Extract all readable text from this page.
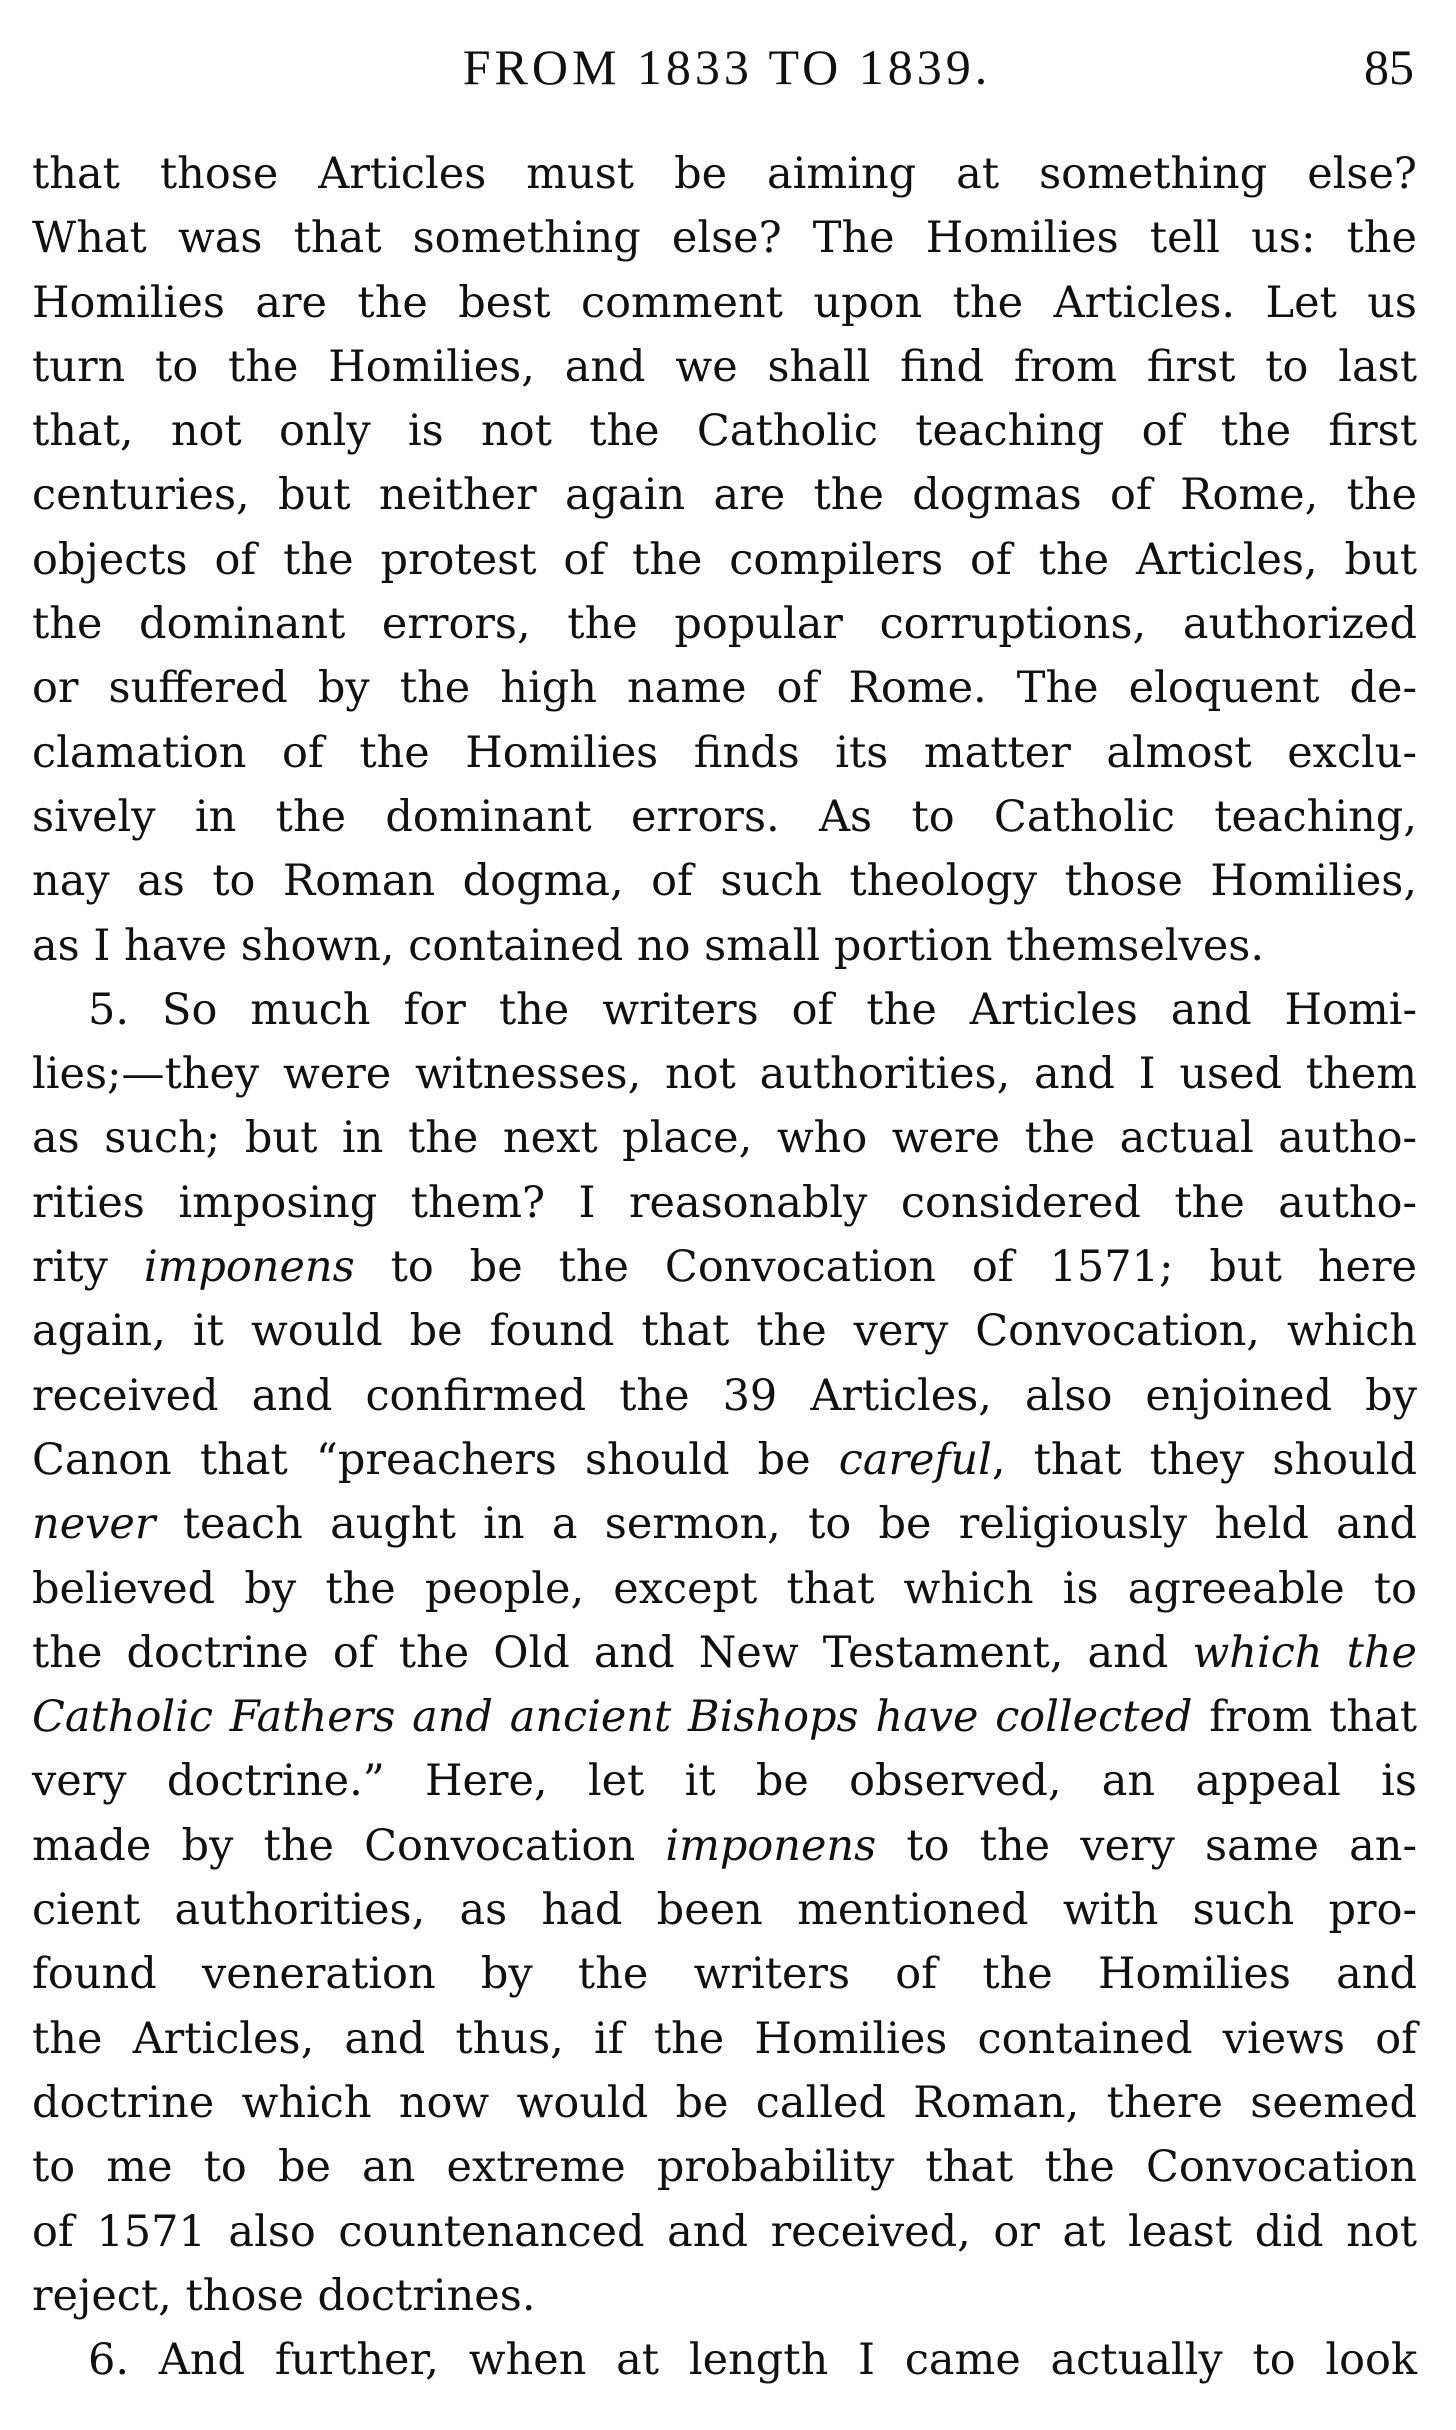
FROM 1833 TO 1839.	85
that those Articles must be aiming at something else?
What was that something else? The Homilies tell us: the
Homilies are the best comment upon the Articles. Let us
turn to the Homilies, and we shall find from first to last
that, not only is not the Catholic teaching of the first
centuries, but neither again are the dogmas of Rome, the
objects of the protest of the compilers of the Articles, but
the dominant errors, the popular corruptions, authorized
or suffered by the high name of Rome. The eloquent de-
clamation of the Homilies finds its matter almost exclu-
sively in the dominant errors. As to Catholic teaching,
nay as to Roman dogma, of such theology those Homilies,
as I have shown, contained no small portion themselves.
5. So much for the writers of the Articles and Homi-
lies;—they were witnesses, not authorities, and I used them
as such; but in the next place, who were the actual autho-
rities imposing them? I reasonably considered the autho-
rity imponens to be the Convocation of 1571; but here
again, it would be found that the very Convocation, which
received and confirmed the 39 Articles, also enjoined by
Canon that “preachers should be careful, that they should
never teach aught in a sermon, to be religiously held and
believed by the people, except that which is agreeable to
the doctrine of the Old and New Testament, and which the
Catholic Fathers and ancient Bishops have collected from that
very doctrine.” Here, let it be observed, an appeal is
made by the Convocation imponens to the very same an-
cient authorities, as had been mentioned with such pro-
found veneration by the writers of the Homilies and
the Articles, and thus, if the Homilies contained views of
doctrine which now would be called Roman, there seemed
to me to be an extreme probability that the Convocation
of 1571 also countenanced and received, or at least did not
reject, those doctrines.
6. And further, when at length I came actually to look
